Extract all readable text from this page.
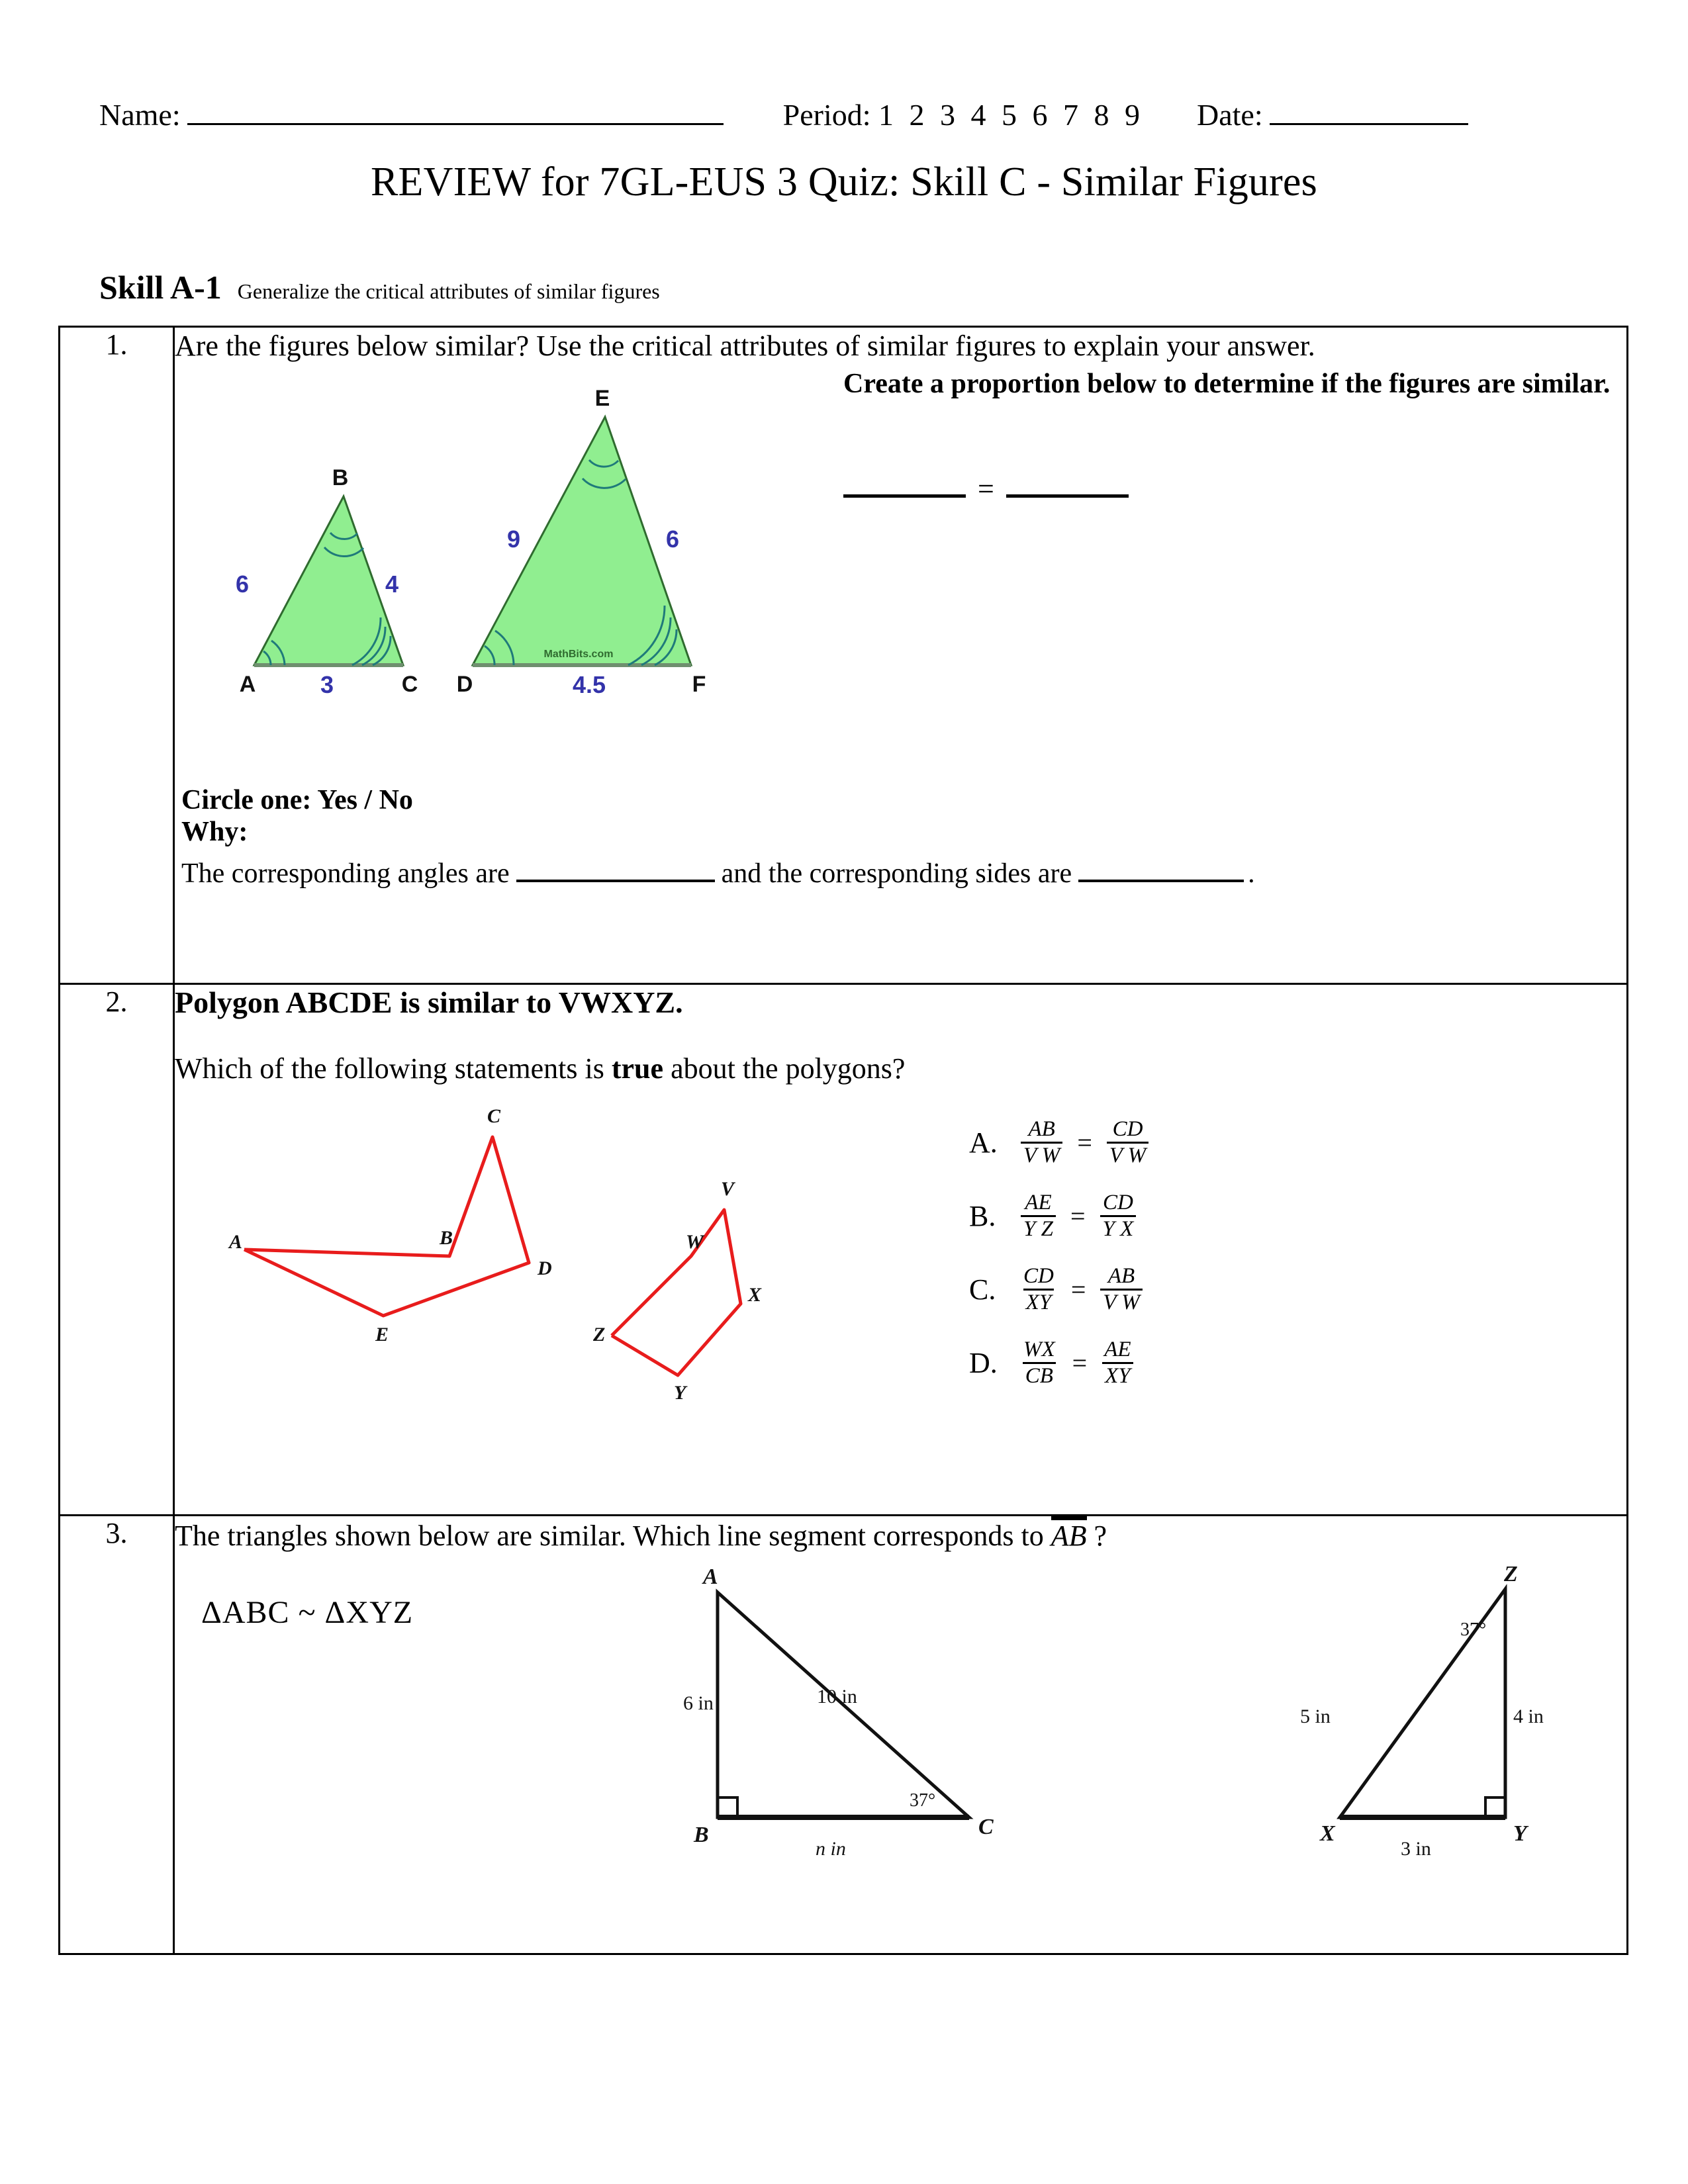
Name:	Period: 1 2 3 4 5 6 7 8 9 Date:
REVIEW for 7GL-EUS 3 Quiz: Skill C - Similar Figures
Skill A-1 Generalize the critical attributes of similar figures
1.	Are the figures below similar? Use the critical attributes of similar figures to explain your answer.
B
A	C
6	4
3
E
D	F
9	6
4.5
MathBits.com
Create a proportion below to determine if the figures are similar.
=
Circle one: Yes / No
Why:
The corresponding angles are	and the corresponding sides are	.

2.	Polygon ABCDE is similar to VWXYZ.
Which of the following statements is true about the polygons?
A	B
C
D
E
V
W
X
Y
Z
A.	$\frac{AB}{\text{V W}} = \frac{CD}{\text{V W}}$
B.	$\frac{AE}{\text{Y Z}} = \frac{CD}{\text{Y X}}$
C.	$\frac{CD}{XY} = \frac{AB}{\text{V W}}$
D.	$\frac{WX}{CB} = \frac{AE}{XY}$

3.	The triangles shown below are similar. Which line segment corresponds to AB ?
ΔABC ~ ΔXYZ
A
B	C
6 in	10 in
n in
37°
Z
X	Y
5 in	4 in
3 in
37°
